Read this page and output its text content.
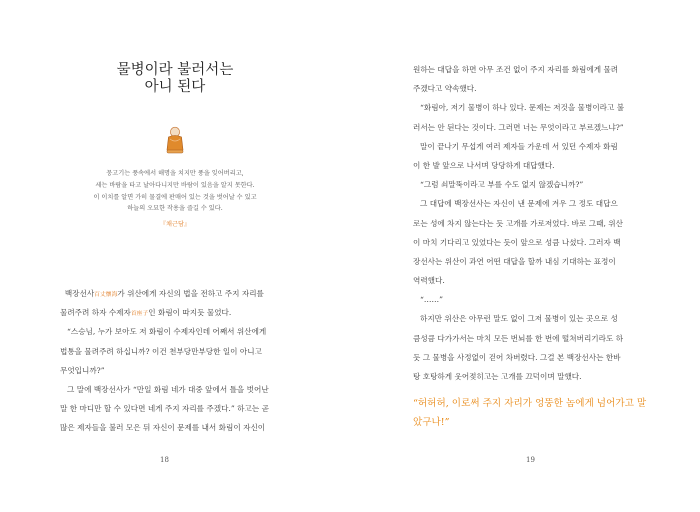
물병이라 불러서는
아니 된다
뭉고기는 풍속에서 해명을 치지만 풍을 잊어버리고,
세는 바람을 타고 날아다니지만 바람이 있음을 알지 못한다.
이 이치를 알면 가히 물결에 판매어 있는 것을 벗어날 수 있고
하늘의 오묘한 작용을 즐길 수 있다.
『채근담』
백장선사百丈懷海가 위산에게 자신의 법을 전하고 주지 자리를
물려주려 하자 수제자首座子인 화림이 따지듯 물었다.
“스승님, 누가 보아도 저 화림이 수제자인데 어째서 위산에게
법통을 물려주려 하십니까? 이건 천부당만부당한 일이 아니고
무엇입니까?”
그 말에 백장선사가 “만일 화림 네가 대중 앞에서 틀을 벗어난
말 한 마디만 할 수 있다면 네게 주지 자리를 주겠다.” 하고는 곧
많은 제자들을 불러 모은 뒤 자신이 문제를 내서 화림이 자신이
18
원하는 대답을 하면 아무 조건 없이 주지 자리를 화림에게 물려
주겠다고 약속했다.
“화림아, 저기 물병이 하나 있다. 문제는 저것을 물병이라고 불
러서는 안 된다는 것이다. 그러면 너는 무엇이라고 부르겠느냐?”
말이 끝나기 무섭게 여러 제자들 가운데 서 있던 수제자 화림
이 한 발 앞으로 나서며 당당하게 대답했다.
“그럼 쇠말뚝이라고 부를 수도 없지 않겠습니까?”
그 대답에 백장선사는 자신이 낸 문제에 겨우 그 정도 대답으
로는 성에 차지 않는다는 듯 고개를 가로저었다. 바로 그때, 위산
이 마치 기다리고 있었다는 듯이 앞으로 성큼 나섰다. 그러자 백
장선사는 위산이 과연 어떤 대답을 할까 내심 기대하는 표정이
역력했다.
“……”
하지만 위산은 아무런 말도 없이 그저 물병이 있는 곳으로 성
큼성큼 다가가서는 마치 모든 번뇌를 한 번에 떨쳐버리기라도 하
듯 그 물병을 사정없이 걷어 차버렸다. 그걸 본 백장선사는 한바
탕 호탕하게 웃어젖히고는 고개를 끄덕이며 말했다.
“허허허, 이로써 주지 자리가 엉뚱한 놈에게 넘어가고 말
았구나!”
19
